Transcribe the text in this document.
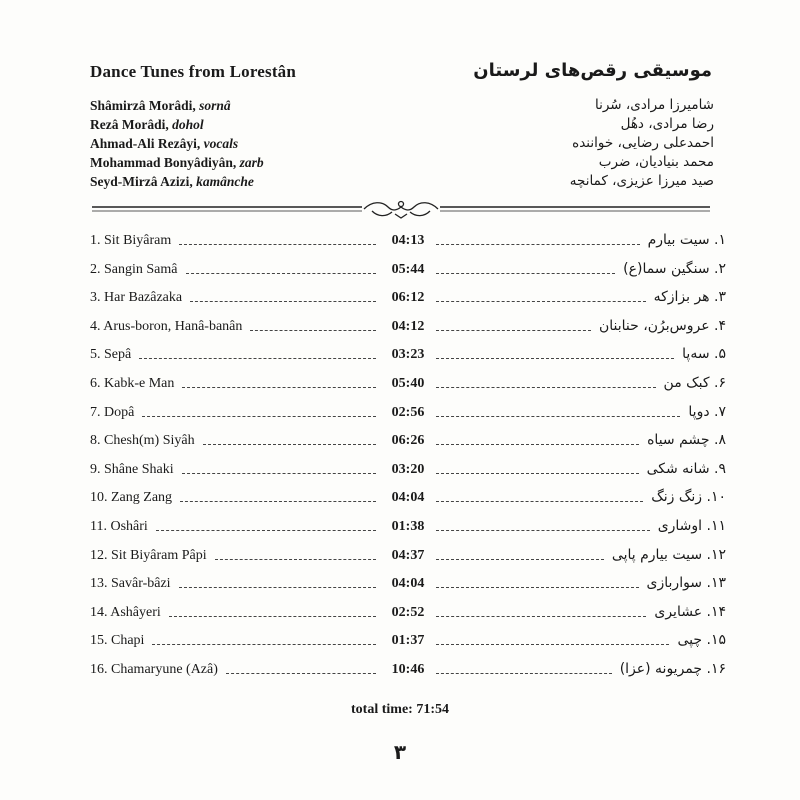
Dance Tunes from Lorestân	موسیقی رقص‌های لرستان
Shâmirzâ Morâdi, sornâ
Rezâ Morâdi, dohol
Ahmad-Ali Rezâyi, vocals
Mohammad Bonyâdiyân, zarb
Seyd-Mirzâ Azizi, kamânche
شامیرزا مرادی، سُرنا
رضا مرادی، دهُل
احمدعلی رضایی، خواننده
محمد بنیادیان، ضرب
صید میرزا عزیزی، کمانچه
1. Sit Biyâram	04:13	۱. سیت بیارم
2. Sangin Samâ	05:44	۲. سنگین سما(ع)
3. Har Bazâzaka	06:12	۳. هر بزازکه
4. Arus-boron, Hanâ-banân	04:12	۴. عروس‌برُن، حنابنان
5. Sepâ	03:23	۵. سه‌پا
6. Kabk-e Man	05:40	۶. کبک من
7. Dopâ	02:56	۷. دوپا
8. Chesh(m) Siyâh	06:26	۸. چشم سیاه
9. Shâne Shaki	03:20	۹. شانه شکی
10. Zang Zang	04:04	۱۰. زنگ زنگ
11. Oshâri	01:38	۱۱. اوشاری
12. Sit Biyâram Pâpi	04:37	۱۲. سیت بیارم پاپی
13. Savâr-bâzi	04:04	۱۳. سواربازی
14. Ashâyeri	02:52	۱۴. عشایری
15. Chapi	01:37	۱۵. چپی
16. Chamaryune (Azâ)	10:46	۱۶. چمریونه (عزا)
total time: 71:54
۳
